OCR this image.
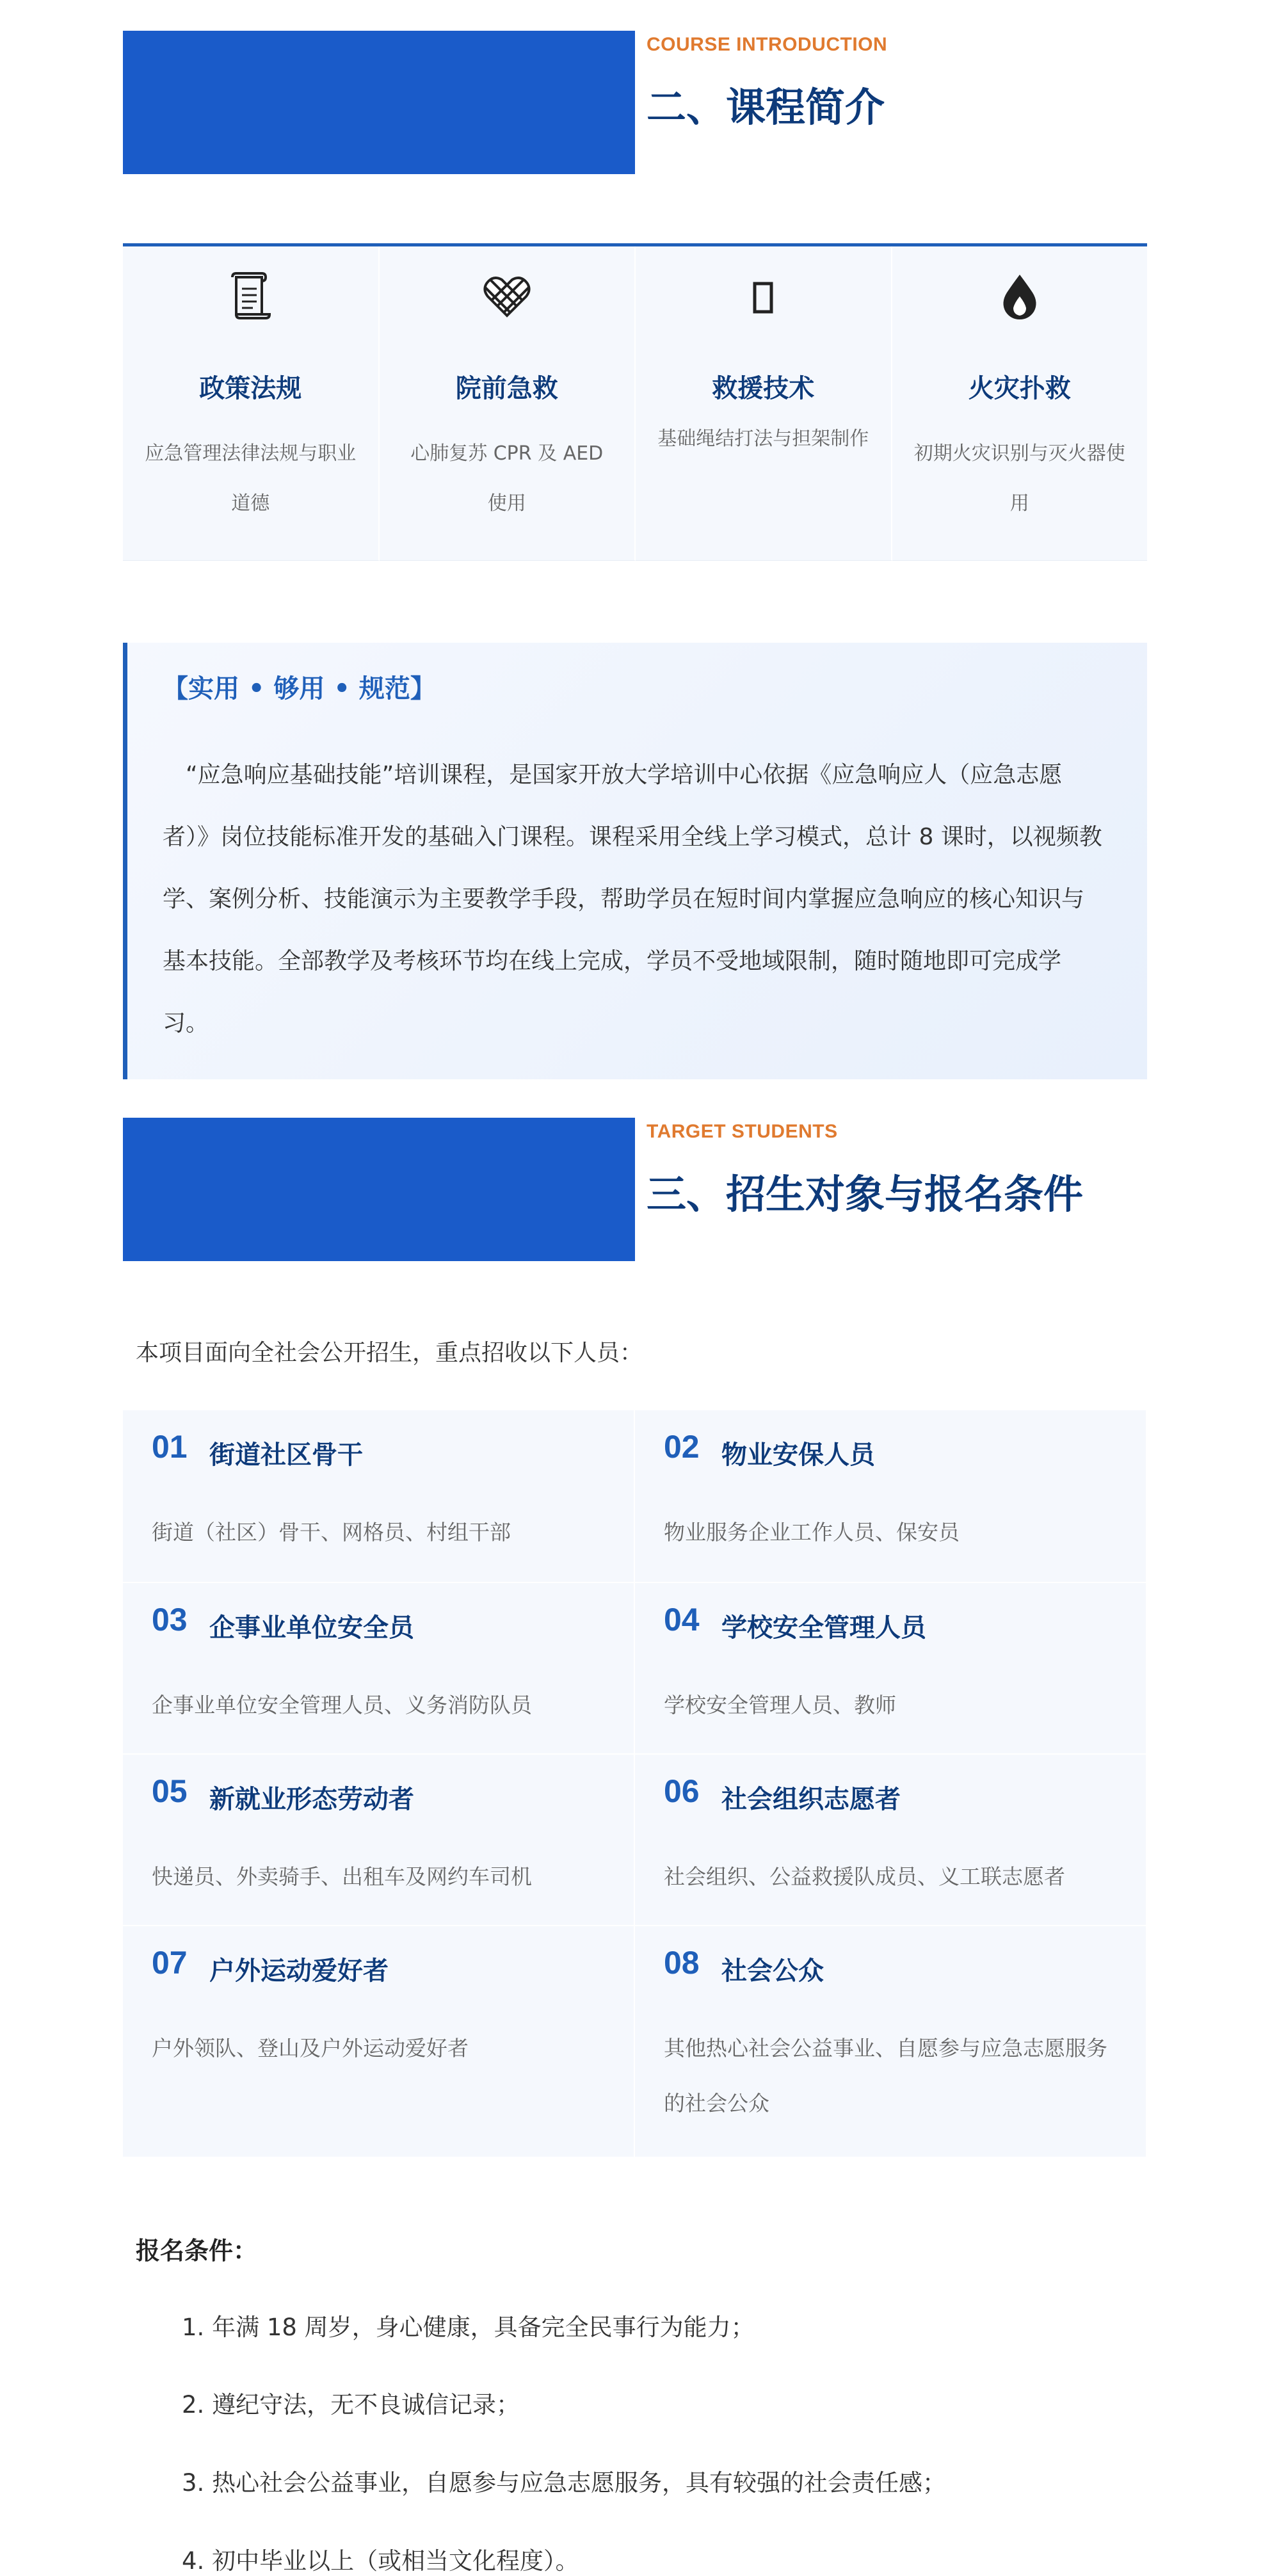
COURSE INTRODUCTION
二、课程简介
政策法规
应急管理法律法规与职业道德
院前急救
心肺复苏 CPR 及 AED 使用
救援技术
基础绳结打法与担架制作
火灾扑救
初期火灾识别与灭火器使用
【实用 • 够用 • 规范】

“应急响应基础技能”培训课程，是国家开放大学培训中心依据《应急响应人（应急志愿者）》岗位技能标准开发的基础入门课程。课程采用全线上学习模式，总计 8 课时，以视频教学、案例分析、技能演示为主要教学手段，帮助学员在短时间内掌握应急响应的核心知识与基本技能。全部教学及考核环节均在线上完成，学员不受地域限制，随时随地即可完成学习。

TARGET STUDENTS
三、招生对象与报名条件
本项目面向全社会公开招生，重点招收以下人员：
01 街道社区骨干
街道（社区）骨干、网格员、村组干部
02 物业安保人员
物业服务企业工作人员、保安员
03 企事业单位安全员
企事业单位安全管理人员、义务消防队员
04 学校安全管理人员
学校安全管理人员、教师
05 新就业形态劳动者
快递员、外卖骑手、出租车及网约车司机
06 社会组织志愿者
社会组织、公益救援队成员、义工联志愿者
07 户外运动爱好者
户外领队、登山及户外运动爱好者
08 社会公众
其他热心社会公益事业、自愿参与应急志愿服务的社会公众
报名条件：
1. 年满 18 周岁，身心健康，具备完全民事行为能力；
2. 遵纪守法，无不良诚信记录；
3. 热心社会公益事业，自愿参与应急志愿服务，具有较强的社会责任感；
4. 初中毕业以上（或相当文化程度）。
